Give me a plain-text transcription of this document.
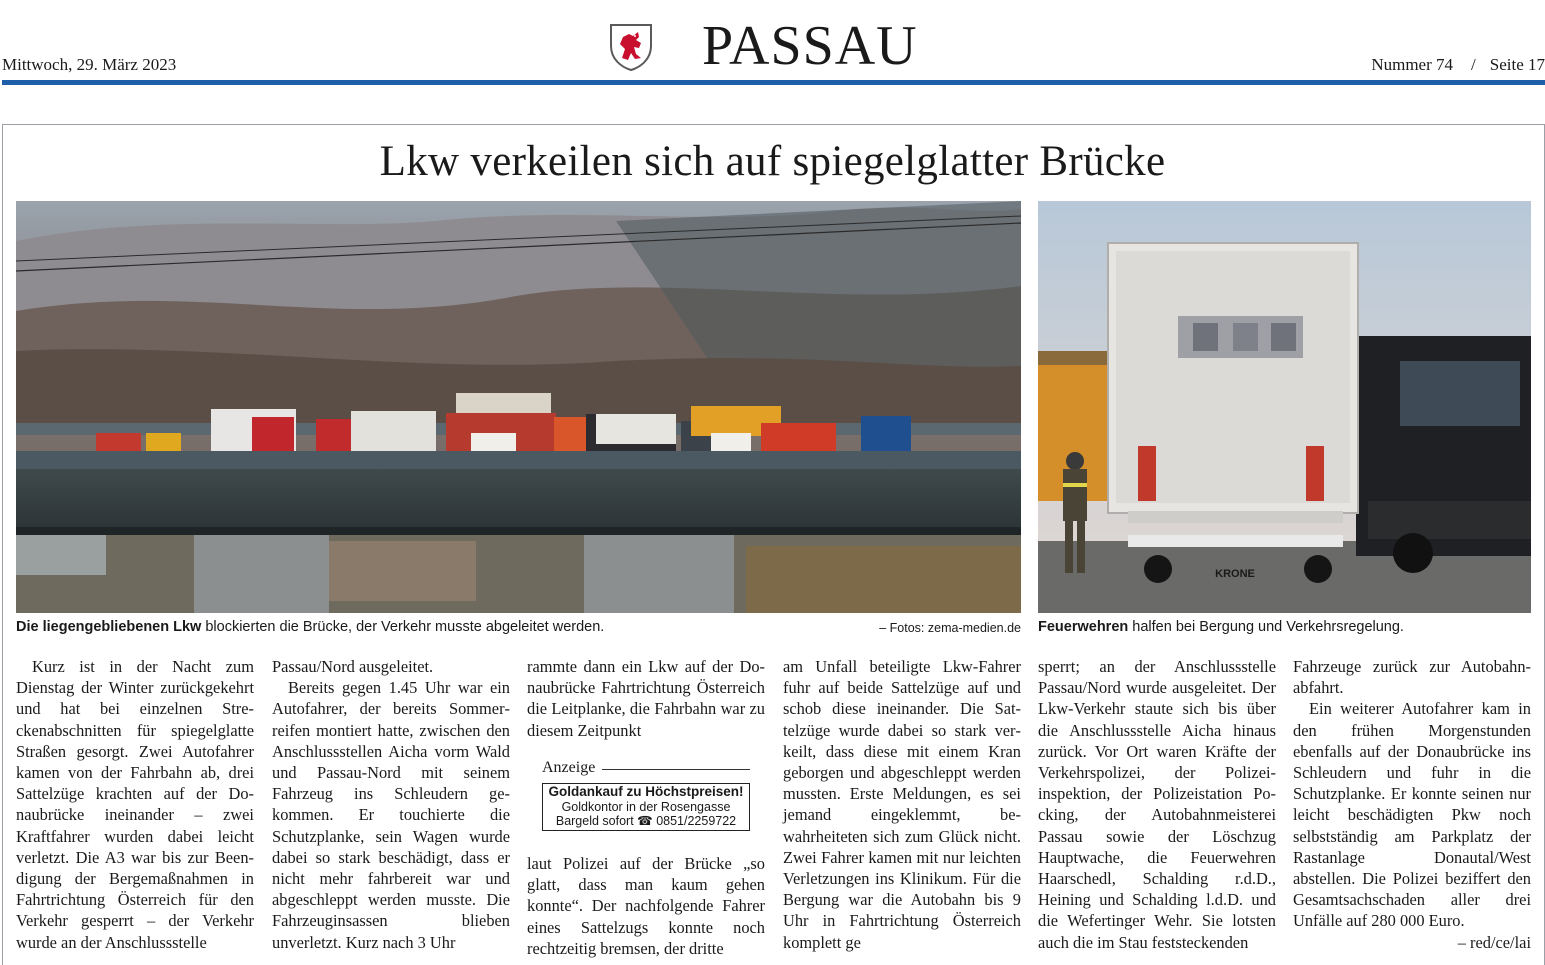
Mittwoch, 29. März 2023	PASSAU	Nummer 74 / Seite 17
Lkw verkeilen sich auf spiegelglatter Brücke
KRONE
Die liegengebliebenen Lkw blockierten die Brücke, der Verkehr musste abgeleitet werden.	– Fotos: zema-medien.de Feuerwehren halfen bei Bergung und Verkehrsregelung.

Kurz ist in der Nacht zum Dienstag der Winter zurückgekehrt und hat bei einzelnen Streckenabschnitten für spiegelglatte Straßen gesorgt. Zwei Autofahrer kamen von der Fahrbahn ab, drei Sattelzüge krachten auf der Donaubrücke ineinander – zwei Kraftfahrer wurden dabei leicht verletzt. Die A3 war bis zur Beendigung der Bergemaßnahmen in Fahrtrichtung Österreich für den Verkehr gesperrt – der Verkehr wurde an der Anschlussstelle

Passau/Nord ausgeleitet.

Bereits gegen 1.45 Uhr war ein Autofahrer, der bereits Sommerreifen montiert hatte, zwischen den Anschlussstellen Aicha vorm Wald und Passau-Nord mit seinem Fahrzeug ins Schleudern gekommen. Er touchierte die Schutzplanke, sein Wagen wurde dabei so stark beschädigt, dass er nicht mehr fahrbereit war und abgeschleppt werden musste. Die Fahrzeuginsassen blieben unverletzt. Kurz nach 3 Uhr

rammte dann ein Lkw auf der Donaubrücke Fahrtrichtung Österreich die Leitplanke, die Fahrbahn war zu diesem Zeitpunkt

Anzeige
Goldankauf zu Höchstpreisen!
Goldkontor in der Rosengasse
Bargeld sofort ☎ 0851/2259722

laut Polizei auf der Brücke „so glatt, dass man kaum gehen konnte“. Der nachfolgende Fahrer eines Sattelzugs konnte noch rechtzeitig bremsen, der dritte

am Unfall beteiligte Lkw-Fahrer fuhr auf beide Sattelzüge auf und schob diese ineinander. Die Sattelzüge wurde dabei so stark verkeilt, dass diese mit einem Kran geborgen und abgeschleppt werden mussten. Erste Meldungen, es sei jemand eingeklemmt, bewahrheiteten sich zum Glück nicht. Zwei Fahrer kamen mit nur leichten Verletzungen ins Klinikum. Für die Bergung war die Autobahn bis 9 Uhr in Fahrtrichtung Österreich komplett ge

sperrt; an der Anschlussstelle Passau/Nord wurde ausgeleitet. Der Lkw-Verkehr staute sich bis über die Anschlussstelle Aicha hinaus zurück. Vor Ort waren Kräfte der Verkehrspolizei, der Polizeiinspektion, der Polizeistation Pocking, der Autobahnmeisterei Passau sowie der Löschzug Hauptwache, die Feuerwehren Haarschedl, Schalding r.d.D., Heining und Schalding l.d.D. und die Wefertinger Wehr. Sie lotsten auch die im Stau feststeckenden

Fahrzeuge zurück zur Autobahnabfahrt.

Ein weiterer Autofahrer kam in den frühen Morgenstunden ebenfalls auf der Donaubrücke ins Schleudern und fuhr in die Schutzplanke. Er konnte seinen nur leicht beschädigten Pkw noch selbstständig am Parkplatz der Rastanlage Donautal/West abstellen. Die Polizei beziffert den Gesamtsachschaden aller drei Unfälle auf 280 000 Euro.

– red/ce/lai
